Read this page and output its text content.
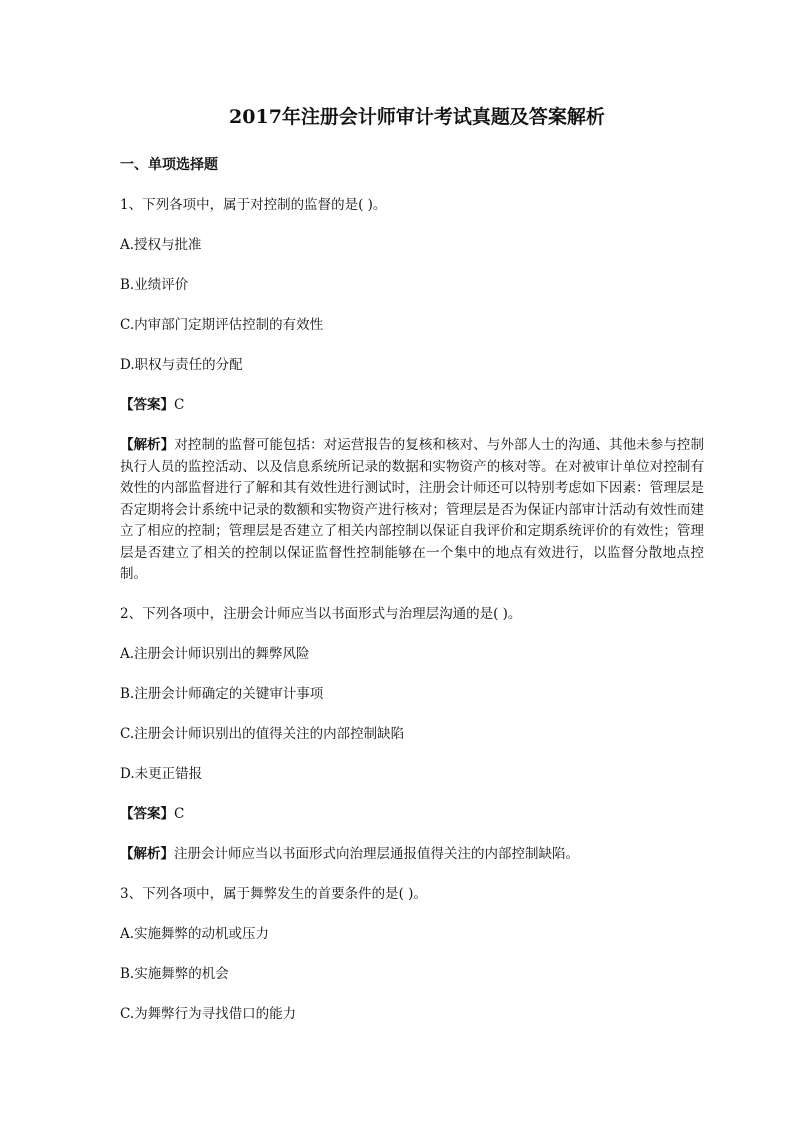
2017年注册会计师审计考试真题及答案解析
一、单项选择题
1、下列各项中，属于对控制的监督的是( )。
A.授权与批准
B.业绩评价
C.内审部门定期评估控制的有效性
D.职权与责任的分配
【答案】C
【解析】对控制的监督可能包括：对运营报告的复核和核对、与外部人士的沟通、其他未参与控制执行人员的监控活动、以及信息系统所记录的数据和实物资产的核对等。在对被审计单位对控制有效性的内部监督进行了解和其有效性进行测试时，注册会计师还可以特别考虑如下因素：管理层是否定期将会计系统中记录的数额和实物资产进行核对；管理层是否为保证内部审计活动有效性而建立了相应的控制；管理层是否建立了相关内部控制以保证自我评价和定期系统评价的有效性；管理层是否建立了相关的控制以保证监督性控制能够在一个集中的地点有效进行，以监督分散地点控制。
2、下列各项中，注册会计师应当以书面形式与治理层沟通的是( )。
A.注册会计师识别出的舞弊风险
B.注册会计师确定的关键审计事项
C.注册会计师识别出的值得关注的内部控制缺陷
D.未更正错报
【答案】C
【解析】注册会计师应当以书面形式向治理层通报值得关注的内部控制缺陷。
3、下列各项中，属于舞弊发生的首要条件的是( )。
A.实施舞弊的动机或压力
B.实施舞弊的机会
C.为舞弊行为寻找借口的能力
